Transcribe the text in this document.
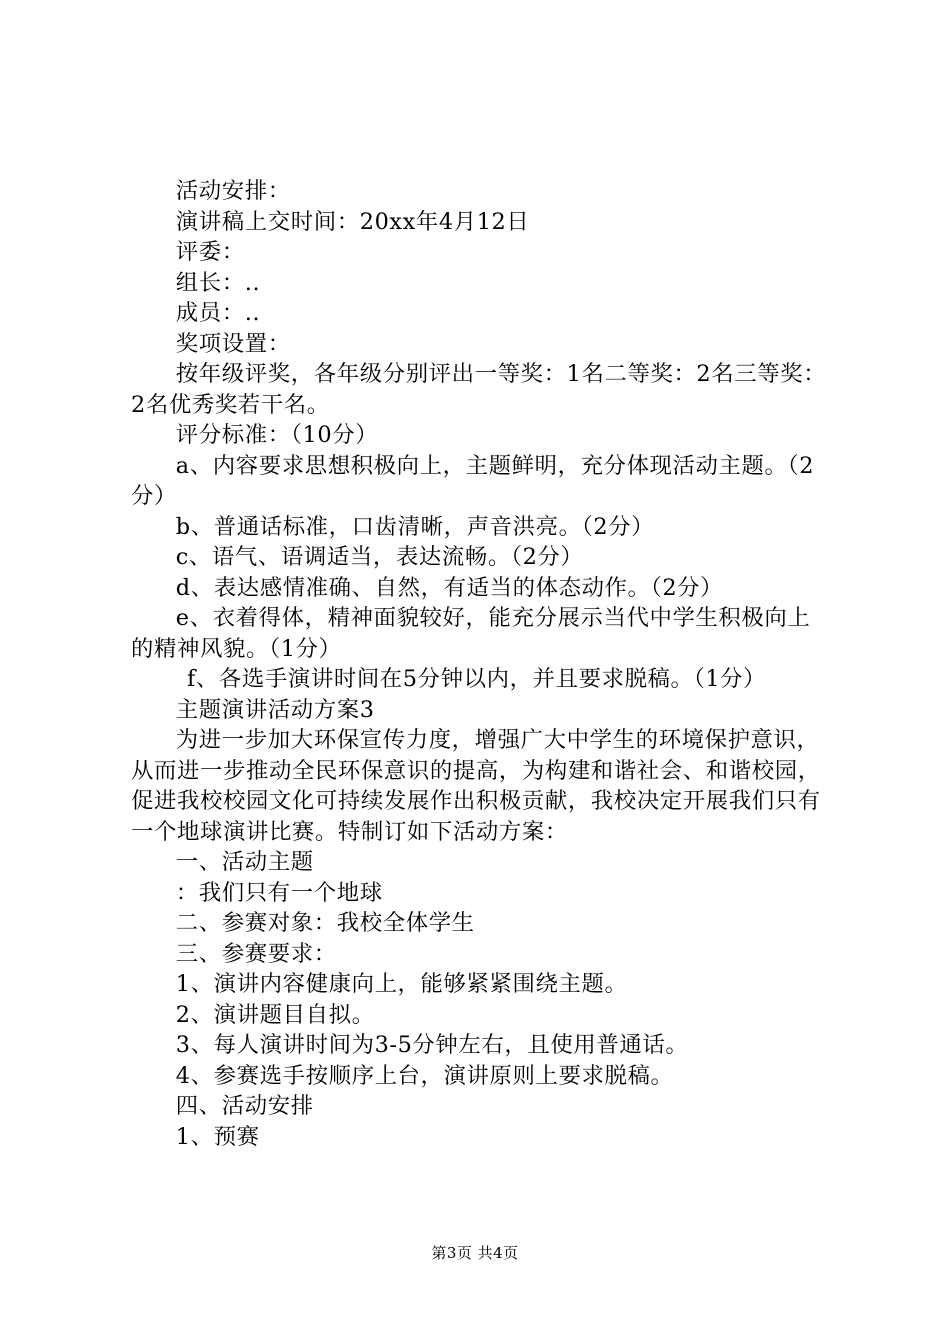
活动安排：

演讲稿上交时间：20xx年4月12日

评委：

组长：..

成员：..

奖项设置：

按年级评奖，各年级分别评出一等奖：1名二等奖：2名三等奖：2名优秀奖若干名。

评分标准：（10分）

a、内容要求思想积极向上，主题鲜明，充分体现活动主题。（2分）

b、普通话标准，口齿清晰，声音洪亮。（2分）

c、语气、语调适当，表达流畅。（2分）

d、表达感情准确、自然，有适当的体态动作。（2分）

e、衣着得体，精神面貌较好，能充分展示当代中学生积极向上的精神风貌。（1分）

f、各选手演讲时间在5分钟以内，并且要求脱稿。（1分）

主题演讲活动方案3

为进一步加大环保宣传力度，增强广大中学生的环境保护意识，从而进一步推动全民环保意识的提高，为构建和谐社会、和谐校园，促进我校校园文化可持续发展作出积极贡献，我校决定开展我们只有一个地球演讲比赛。特制订如下活动方案：

一、活动主题

：我们只有一个地球

二、参赛对象：我校全体学生

三、参赛要求：

1、演讲内容健康向上，能够紧紧围绕主题。

2、演讲题目自拟。

3、每人演讲时间为3-5分钟左右，且使用普通话。

4、参赛选手按顺序上台，演讲原则上要求脱稿。

四、活动安排

1、预赛

第3页 共4页
